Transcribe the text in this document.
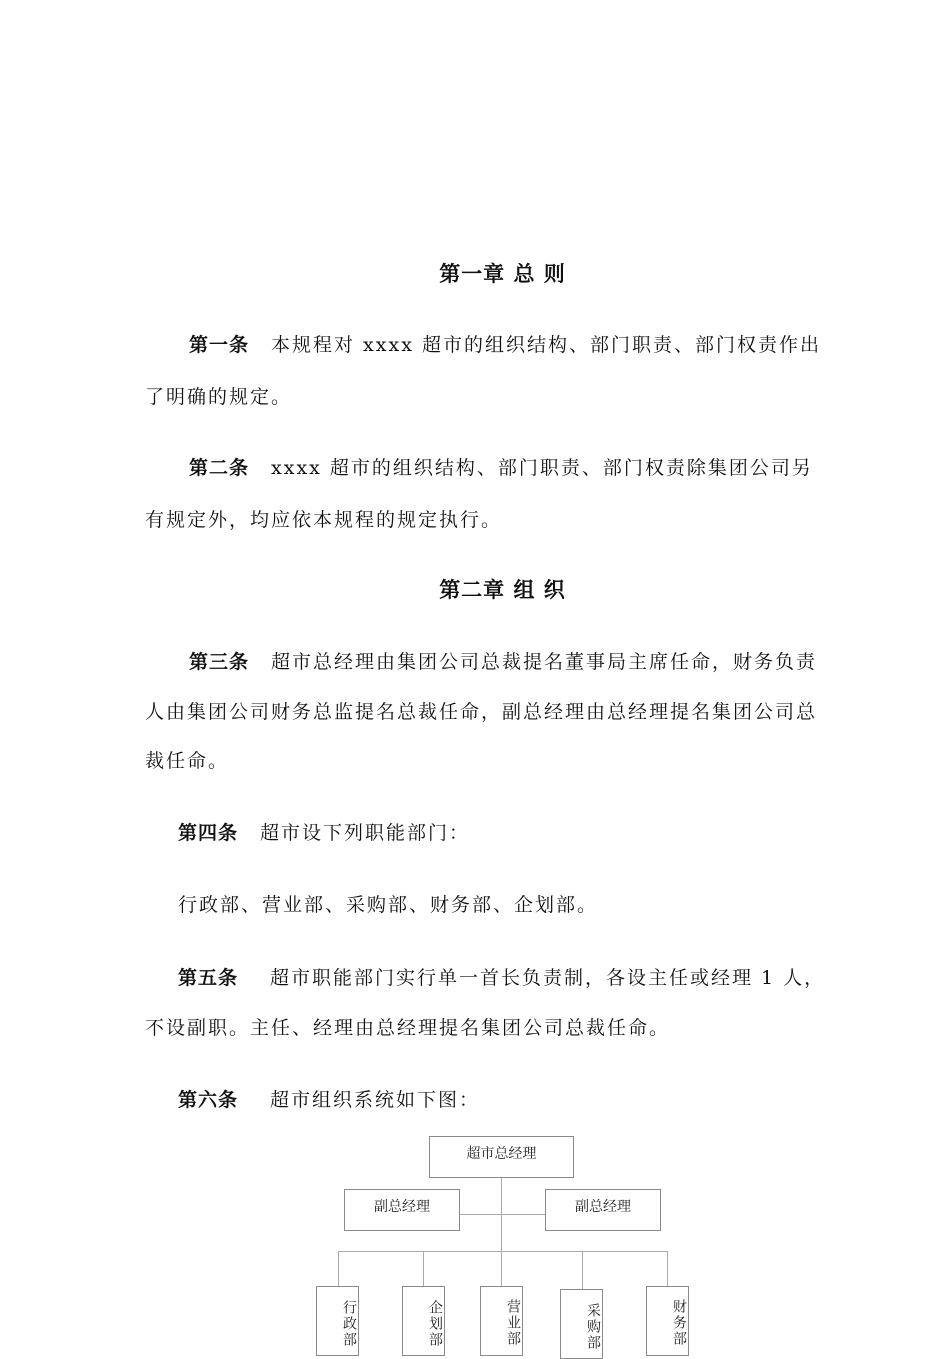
第一章 总 则
第一条 本规程对 xxxx 超市的组织结构、部门职责、部门权责作出
了明确的规定。
第二条 xxxx 超市的组织结构、部门职责、部门权责除集团公司另
有规定外，均应依本规程的规定执行。
第二章 组 织
第三条 超市总经理由集团公司总裁提名董事局主席任命，财务负责
人由集团公司财务总监提名总裁任命，副总经理由总经理提名集团公司总
裁任命。
第四条 超市设下列职能部门：
行政部、营业部、采购部、财务部、企划部。
第五条 超市职能部门实行单一首长负责制，各设主任或经理 1 人，
不设副职。主任、经理由总经理提名集团公司总裁任命。
第六条 超市组织系统如下图：
超市总经理
副总经理	副总经理
行政部	企划部	营业部	采购部	财务部
